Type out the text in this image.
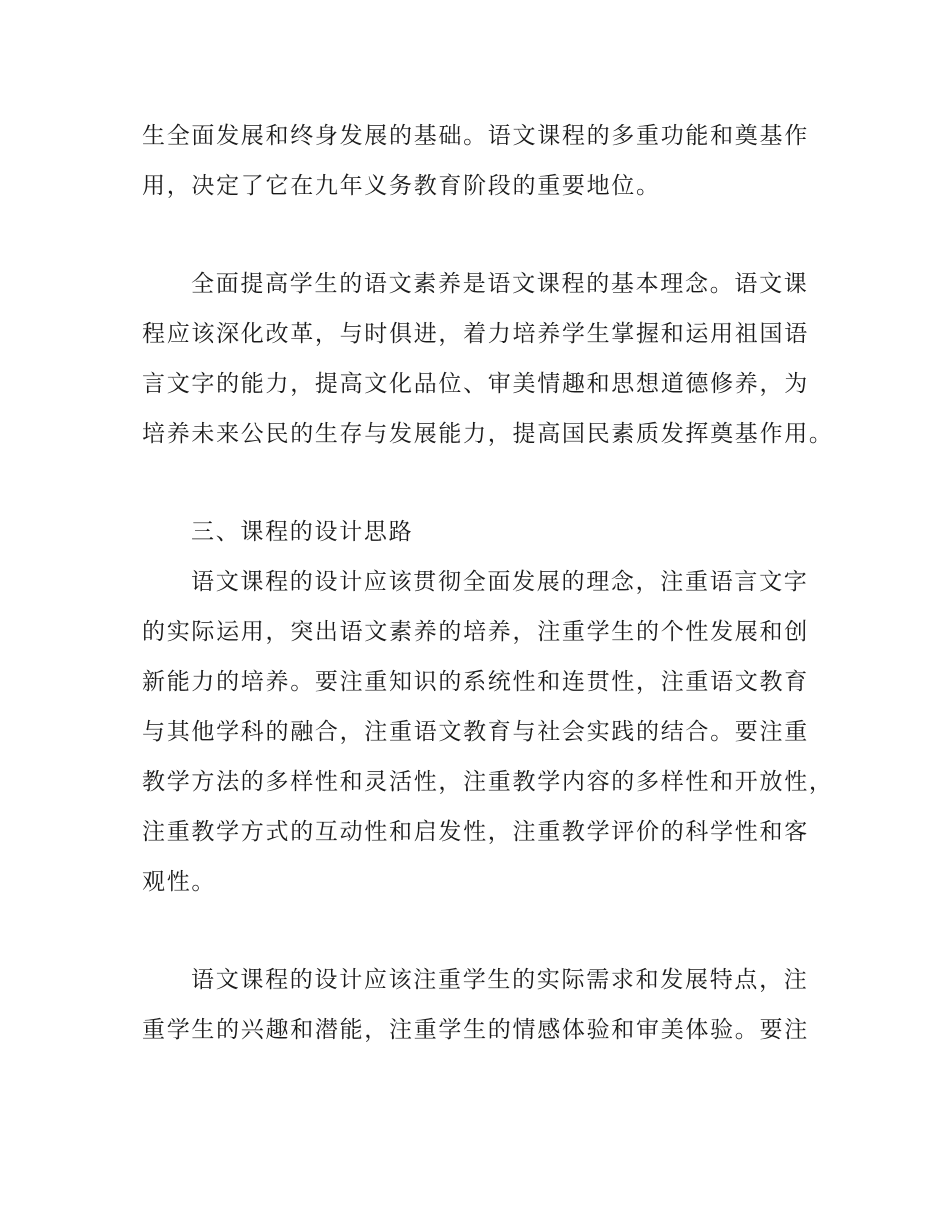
生全面发展和终身发展的基础。语文课程的多重功能和奠基作
用，决定了它在九年义务教育阶段的重要地位。
全面提高学生的语文素养是语文课程的基本理念。语文课
程应该深化改革，与时俱进，着力培养学生掌握和运用祖国语
言文字的能力，提高文化品位、审美情趣和思想道德修养，为
培养未来公民的生存与发展能力，提高国民素质发挥奠基作用。
三、课程的设计思路
语文课程的设计应该贯彻全面发展的理念，注重语言文字
的实际运用，突出语文素养的培养，注重学生的个性发展和创
新能力的培养。要注重知识的系统性和连贯性，注重语文教育
与其他学科的融合，注重语文教育与社会实践的结合。要注重
教学方法的多样性和灵活性，注重教学内容的多样性和开放性，
注重教学方式的互动性和启发性，注重教学评价的科学性和客
观性。
语文课程的设计应该注重学生的实际需求和发展特点，注
重学生的兴趣和潜能，注重学生的情感体验和审美体验。要注
